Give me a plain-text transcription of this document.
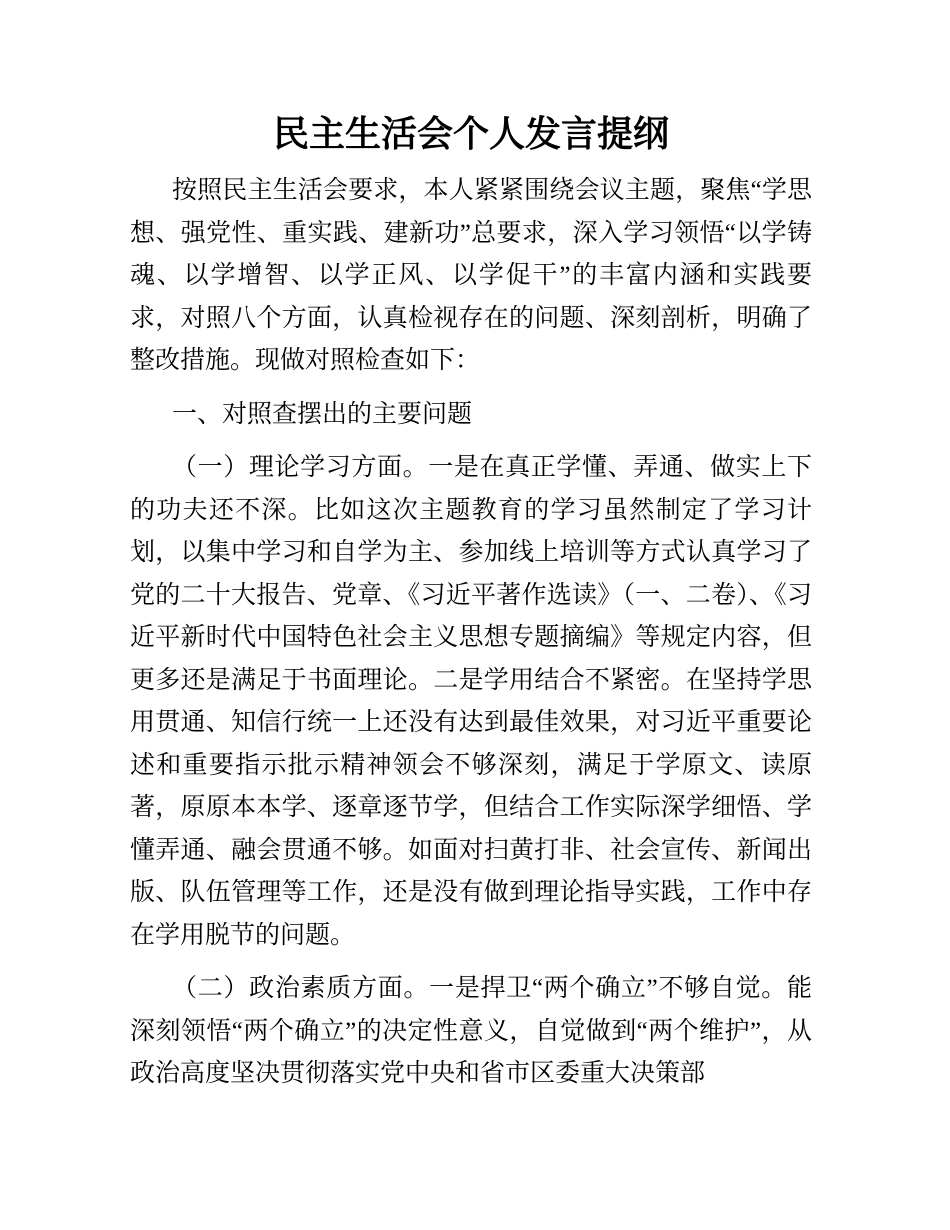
民主生活会个人发言提纲

按照民主生活会要求，本人紧紧围绕会议主题，聚焦“学思想、强党性、重实践、建新功”总要求，深入学习领悟“以学铸魂、以学增智、以学正风、以学促干”的丰富内涵和实践要求，对照八个方面，认真检视存在的问题、深刻剖析，明确了整改措施。现做对照检查如下：

一、对照查摆出的主要问题

（一）理论学习方面。一是在真正学懂、弄通、做实上下的功夫还不深。比如这次主题教育的学习虽然制定了学习计划，以集中学习和自学为主、参加线上培训等方式认真学习了党的二十大报告、党章、《习近平著作选读》（一、二卷）、《习近平新时代中国特色社会主义思想专题摘编》等规定内容，但更多还是满足于书面理论。二是学用结合不紧密。在坚持学思用贯通、知信行统一上还没有达到最佳效果，对习近平重要论述和重要指示批示精神领会不够深刻，满足于学原文、读原著，原原本本学、逐章逐节学，但结合工作实际深学细悟、学懂弄通、融会贯通不够。如面对扫黄打非、社会宣传、新闻出版、队伍管理等工作，还是没有做到理论指导实践，工作中存在学用脱节的问题。

（二）政治素质方面。一是捍卫“两个确立”不够自觉。能深刻领悟“两个确立”的决定性意义，自觉做到“两个维护”，从政治高度坚决贯彻落实党中央和省市区委重大决策部
